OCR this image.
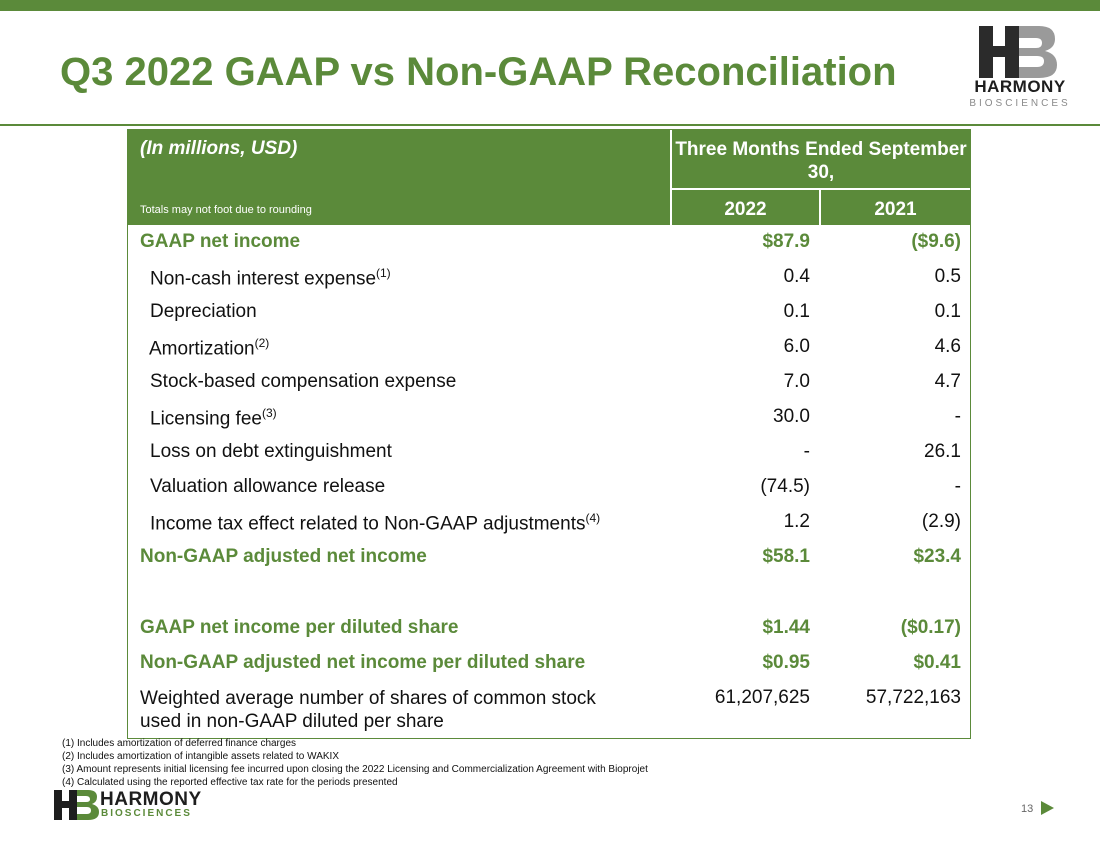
Q3 2022 GAAP vs Non-GAAP Reconciliation	HARMONY
BIOSCIENCES
(In millions, USD)
Totals may not foot due to rounding
Three Months Ended September 30,
2022	2021
GAAP net income	$87.9	($9.6)
Non-cash interest expense$^{(1)}$	0.4	0.5
Depreciation	0.1	0.1
Amortization$^{(2)}$	6.0	4.6
Stock-based compensation expense	7.0	4.7
Licensing fee$^{(3)}$	30.0	-
Loss on debt extinguishment	-	26.1
Valuation allowance release	(74.5)	-
Income tax effect related to Non-GAAP adjustments$^{(4)}$	1.2	(2.9)
Non-GAAP adjusted net income	$58.1	$23.4
GAAP net income per diluted share	$1.44	($0.17)
Non-GAAP adjusted net income per diluted share	$0.95	$0.41
Weighted average number of shares of common stock
used in non-GAAP diluted per share
61,207,625	57,722,163
(1) Includes amortization of deferred finance charges
(2) Includes amortization of intangible assets related to WAKIX
(3) Amount represents initial licensing fee incurred upon closing the 2022 Licensing and Commercialization Agreement with Bioprojet
(4) Calculated using the reported effective tax rate for the periods presented
HARMONY
BIOSCIENCES	13
